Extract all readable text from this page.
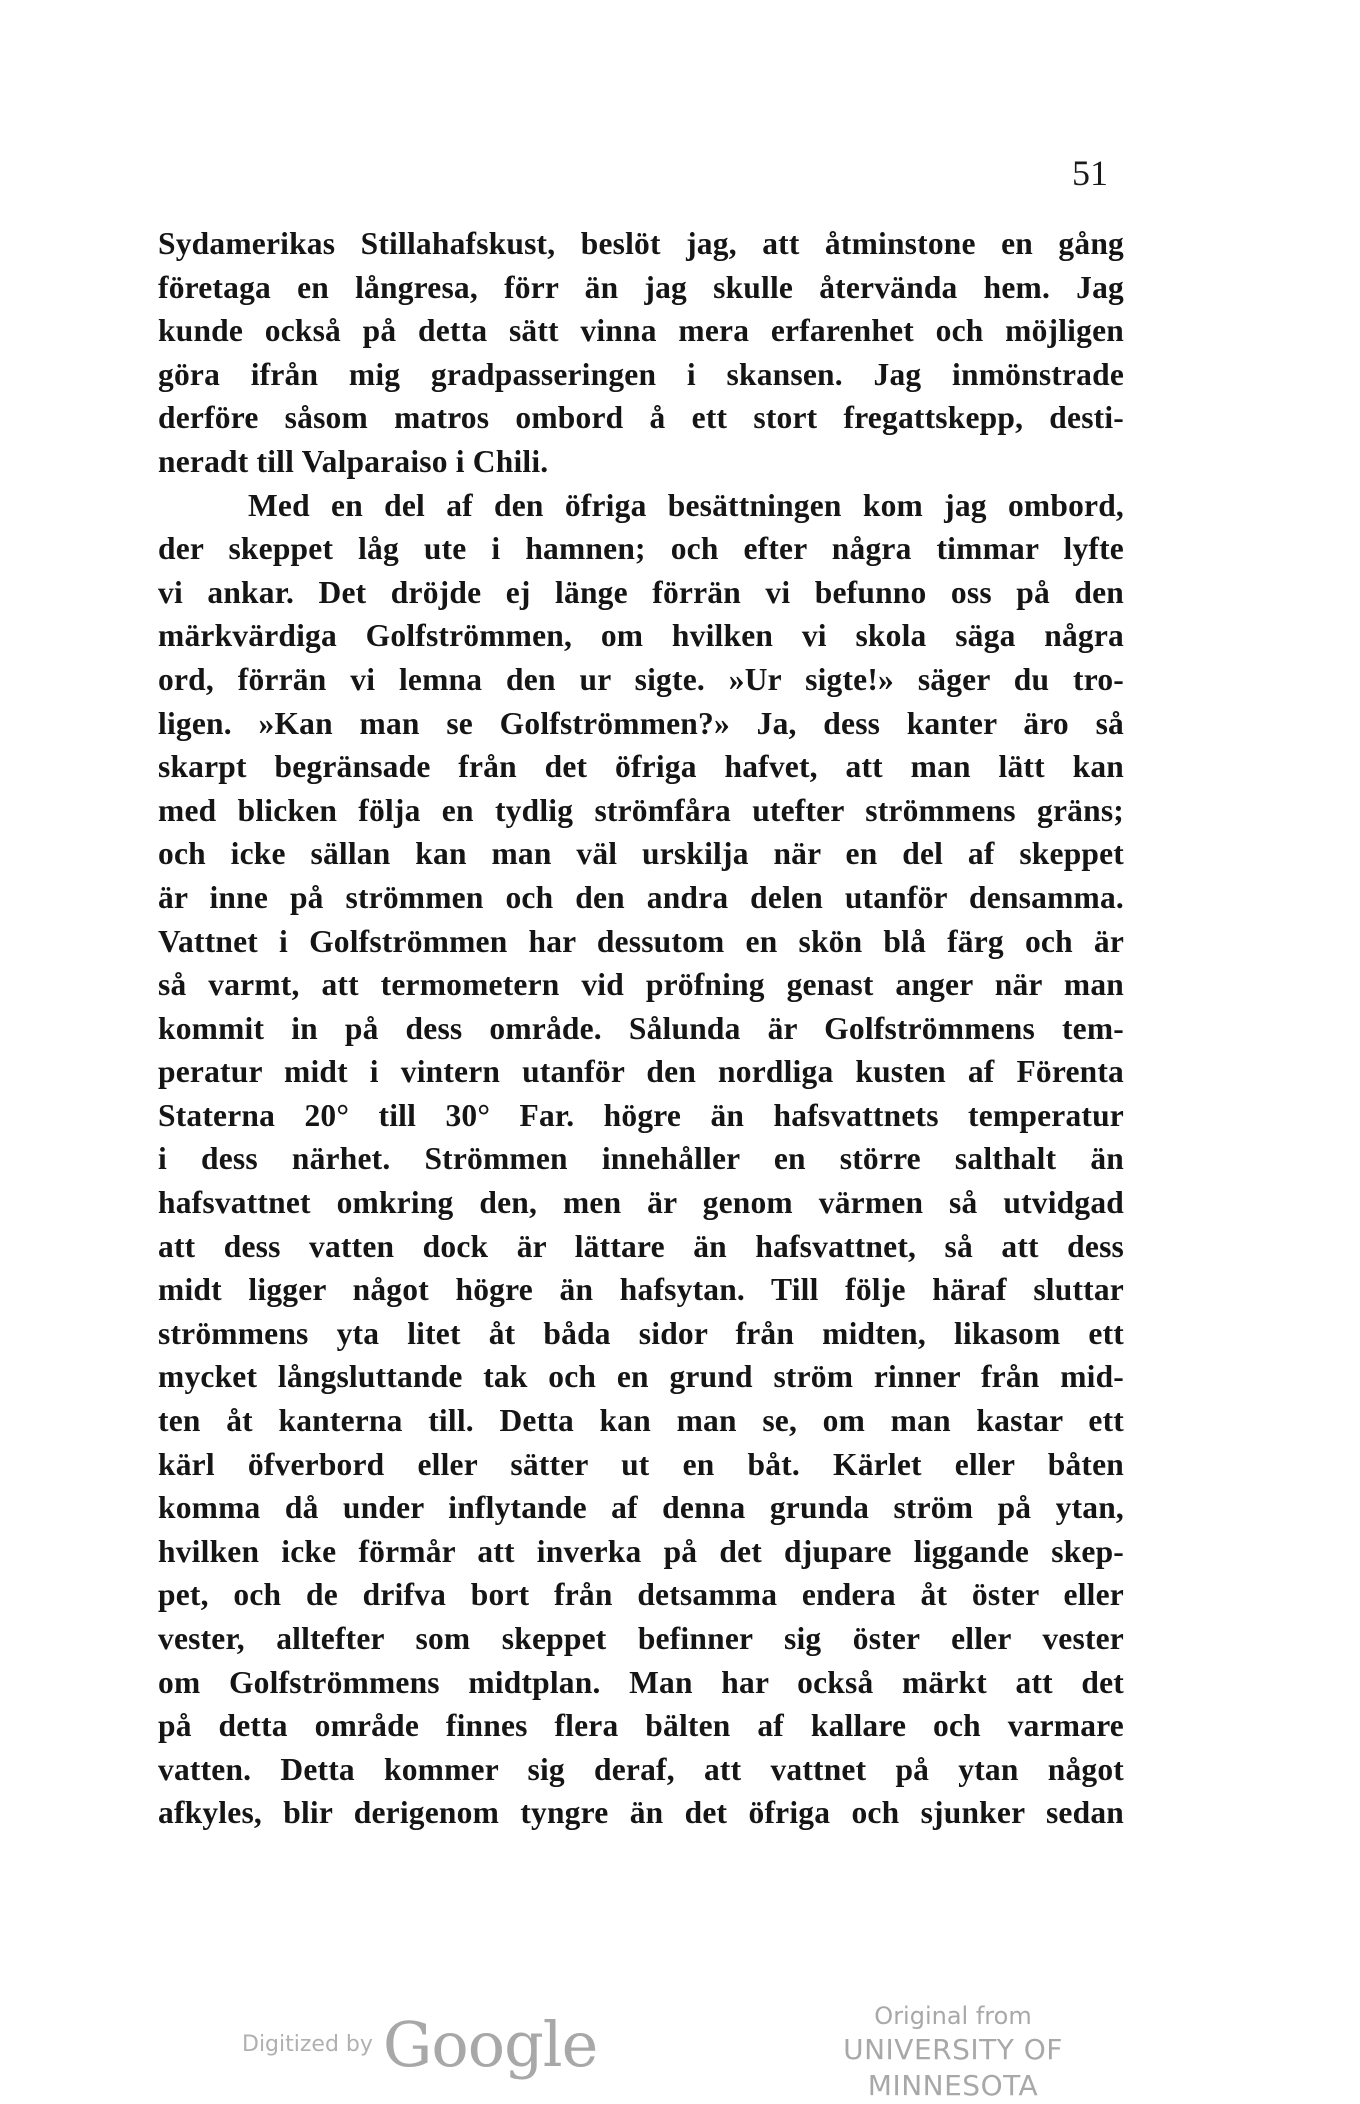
51
Sydamerikas Stillahafskust, beslöt jag, att åtminstone en gång
företaga en långresa, förr än jag skulle återvända hem. Jag
kunde också på detta sätt vinna mera erfarenhet och möjligen
göra ifrån mig gradpasseringen i skansen. Jag inmönstrade
derföre såsom matros ombord å ett stort fregattskepp, desti-
neradt till Valparaiso i Chili.
Med en del af den öfriga besättningen kom jag ombord,
der skeppet låg ute i hamnen; och efter några timmar lyfte
vi ankar. Det dröjde ej länge förrän vi befunno oss på den
märkvärdiga Golfströmmen, om hvilken vi skola säga några
ord, förrän vi lemna den ur sigte. »Ur sigte!» säger du tro-
ligen. »Kan man se Golfströmmen?» Ja, dess kanter äro så
skarpt begränsade från det öfriga hafvet, att man lätt kan
med blicken följa en tydlig strömfåra utefter strömmens gräns;
och icke sällan kan man väl urskilja när en del af skeppet
är inne på strömmen och den andra delen utanför densamma.
Vattnet i Golfströmmen har dessutom en skön blå färg och är
så varmt, att termometern vid pröfning genast anger när man
kommit in på dess område. Sålunda är Golfströmmens tem-
peratur midt i vintern utanför den nordliga kusten af Förenta
Staterna 20° till 30° Far. högre än hafsvattnets temperatur
i dess närhet. Strömmen innehåller en större salthalt än
hafsvattnet omkring den, men är genom värmen så utvidgad
att dess vatten dock är lättare än hafsvattnet, så att dess
midt ligger något högre än hafsytan. Till följe häraf sluttar
strömmens yta litet åt båda sidor från midten, likasom ett
mycket långsluttande tak och en grund ström rinner från mid-
ten åt kanterna till. Detta kan man se, om man kastar ett
kärl öfverbord eller sätter ut en båt. Kärlet eller båten
komma då under inflytande af denna grunda ström på ytan,
hvilken icke förmår att inverka på det djupare liggande skep-
pet, och de drifva bort från detsamma endera åt öster eller
vester, alltefter som skeppet befinner sig öster eller vester
om Golfströmmens midtplan. Man har också märkt att det
på detta område finnes flera bälten af kallare och varmare
vatten. Detta kommer sig deraf, att vattnet på ytan något
afkyles, blir derigenom tyngre än det öfriga och sjunker sedan
Digitized by Google	Original from
UNIVERSITY OF MINNESOTA
